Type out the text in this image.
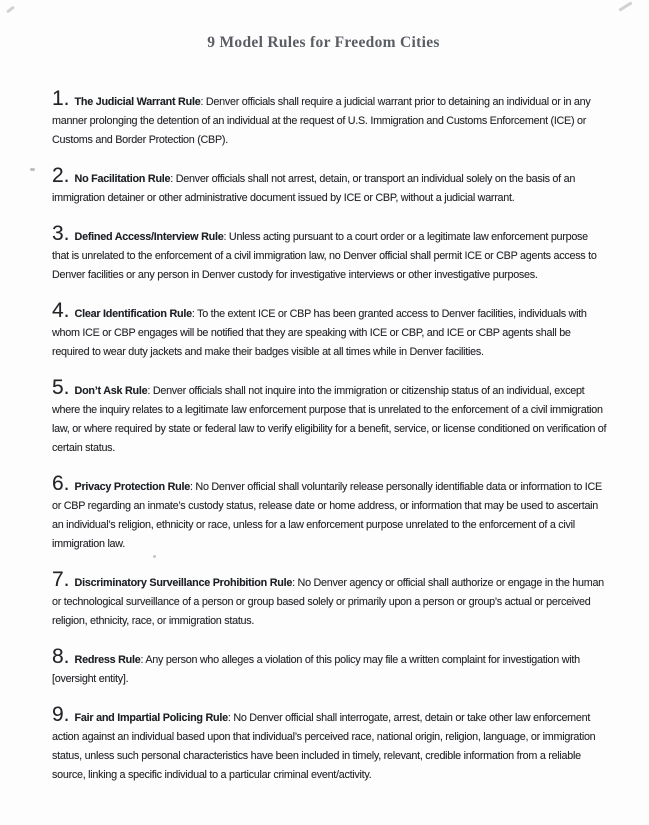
9 Model Rules for Freedom Cities

1. The Judicial Warrant Rule: Denver officials shall require a judicial warrant prior to detaining an individual or in any manner prolonging the detention of an individual at the request of U.S. Immigration and Customs Enforcement (ICE) or Customs and Border Protection (CBP).

2. No Facilitation Rule: Denver officials shall not arrest, detain, or transport an individual solely on the basis of an immigration detainer or other administrative document issued by ICE or CBP, without a judicial warrant.

3. Defined Access/Interview Rule: Unless acting pursuant to a court order or a legitimate law enforcement purpose that is unrelated to the enforcement of a civil immigration law, no Denver official shall permit ICE or CBP agents access to Denver facilities or any person in Denver custody for investigative interviews or other investigative purposes.

4. Clear Identification Rule: To the extent ICE or CBP has been granted access to Denver facilities, individuals with whom ICE or CBP engages will be notified that they are speaking with ICE or CBP, and ICE or CBP agents shall be required to wear duty jackets and make their badges visible at all times while in Denver facilities.

5. Don’t Ask Rule: Denver officials shall not inquire into the immigration or citizenship status of an individual, except where the inquiry relates to a legitimate law enforcement purpose that is unrelated to the enforcement of a civil immigration law, or where required by state or federal law to verify eligibility for a benefit, service, or license conditioned on verification of certain status.

6. Privacy Protection Rule: No Denver official shall voluntarily release personally identifiable data or information to ICE or CBP regarding an inmate’s custody status, release date or home address, or information that may be used to ascertain an individual’s religion, ethnicity or race, unless for a law enforcement purpose unrelated to the enforcement of a civil immigration law.

7. Discriminatory Surveillance Prohibition Rule: No Denver agency or official shall authorize or engage in the human or technological surveillance of a person or group based solely or primarily upon a person or group’s actual or perceived religion, ethnicity, race, or immigration status.

8. Redress Rule: Any person who alleges a violation of this policy may file a written complaint for investigation with [oversight entity].

9. Fair and Impartial Policing Rule: No Denver official shall interrogate, arrest, detain or take other law enforcement action against an individual based upon that individual’s perceived race, national origin, religion, language, or immigration status, unless such personal characteristics have been included in timely, relevant, credible information from a reliable source, linking a specific individual to a particular criminal event/activity.
